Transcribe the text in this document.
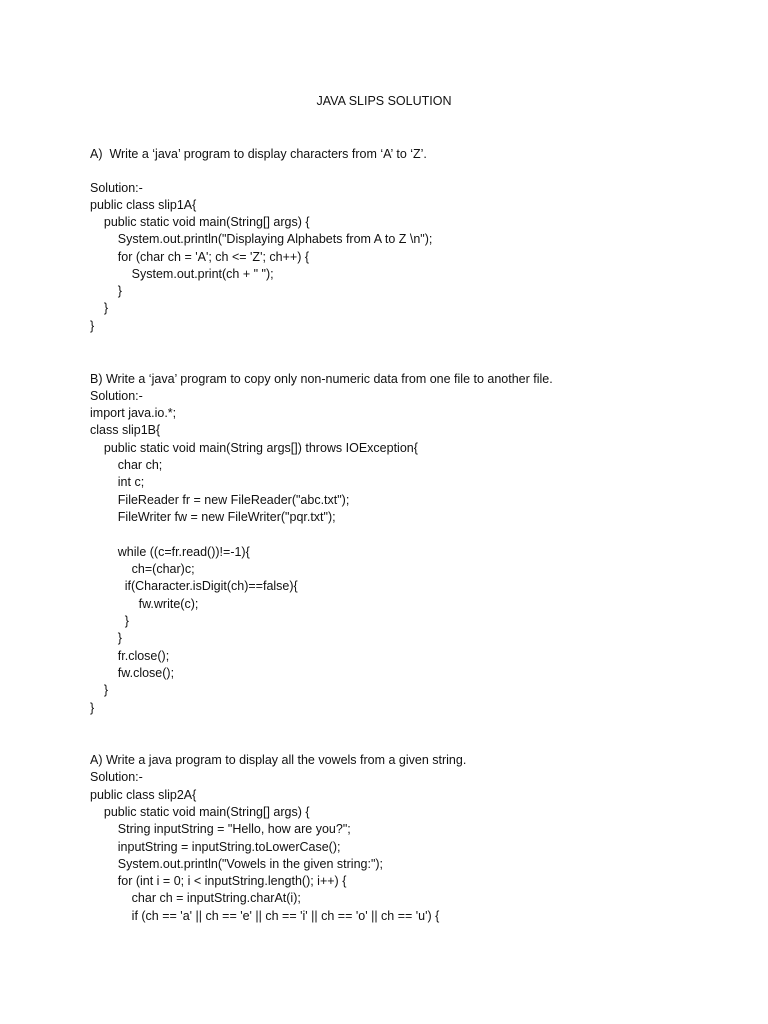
JAVA SLIPS SOLUTION
A)  Write a ‘java’ program to display characters from ‘A’ to ‘Z’.
Solution:-
public class slip1A{
public static void main(String[] args) {
System.out.println("Displaying Alphabets from A to Z \n");
for (char ch = 'A'; ch <= 'Z'; ch++) {
System.out.print(ch + " ");
}
}
}
B) Write a ‘java’ program to copy only non-numeric data from one file to another file.
Solution:-
import java.io.*;
class slip1B{
public static void main(String args[]) throws IOException{
char ch;
int c;
FileReader fr = new FileReader("abc.txt");
FileWriter fw = new FileWriter("pqr.txt");
while ((c=fr.read())!=-1){
ch=(char)c;
if(Character.isDigit(ch)==false){
fw.write(c);
}
}
fr.close();
fw.close();
}
}
A) Write a java program to display all the vowels from a given string.
Solution:-
public class slip2A{
public static void main(String[] args) {
String inputString = "Hello, how are you?";
inputString = inputString.toLowerCase();
System.out.println("Vowels in the given string:");
for (int i = 0; i < inputString.length(); i++) {
char ch = inputString.charAt(i);
if (ch == 'a' || ch == 'e' || ch == 'i' || ch == 'o' || ch == 'u') {
